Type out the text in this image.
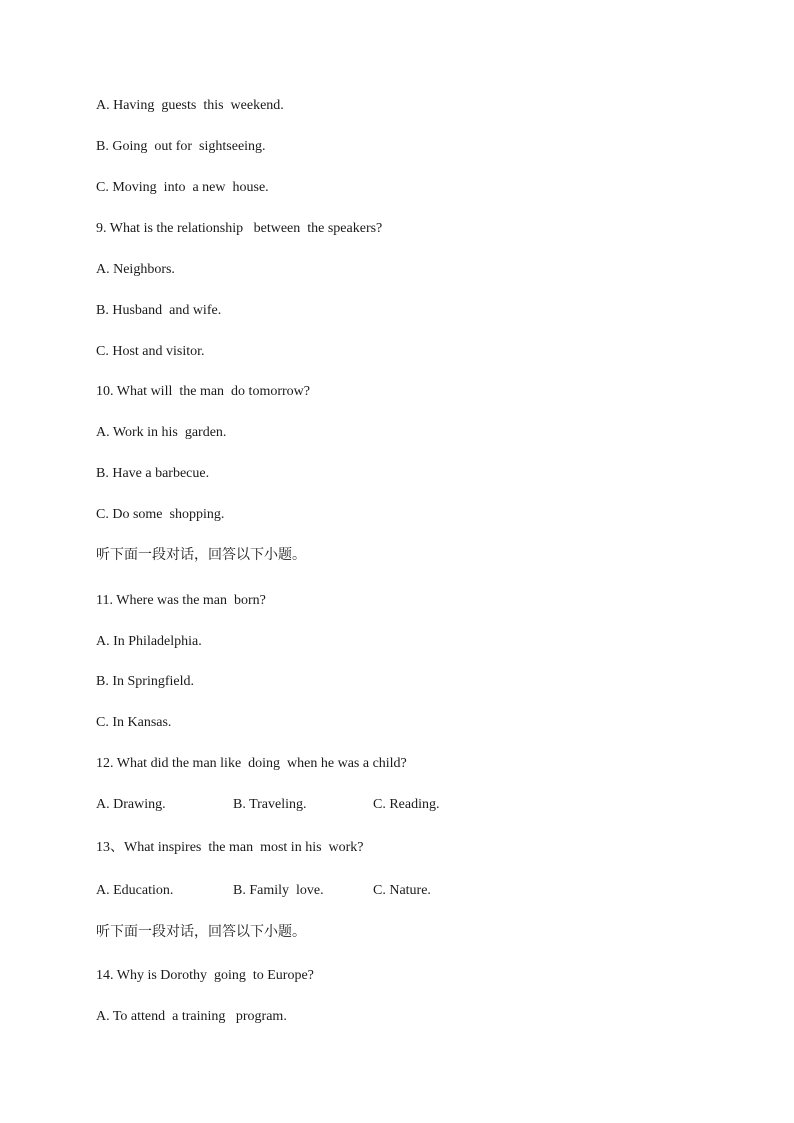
A. Having  guests  this  weekend.
B. Going  out for  sightseeing.
C. Moving  into  a new  house.
9. What is the relationship   between  the speakers?
A. Neighbors.
B. Husband  and wife.
C. Host and visitor.
10. What will  the man  do tomorrow?
A. Work in his  garden.
B. Have a barbecue.
C. Do some  shopping.
听下面一段对话，回答以下小题。
11. Where was the man  born?
A. In Philadelphia.
B. In Springfield.
C. In Kansas.
12. What did the man like  doing  when he was a child?
A. Drawing.	B. Traveling.	C. Reading.
13、What inspires  the man  most in his  work?
A. Education.	B. Family  love.	C. Nature.
听下面一段对话，回答以下小题。
14. Why is Dorothy  going  to Europe?
A. To attend  a training   program.
